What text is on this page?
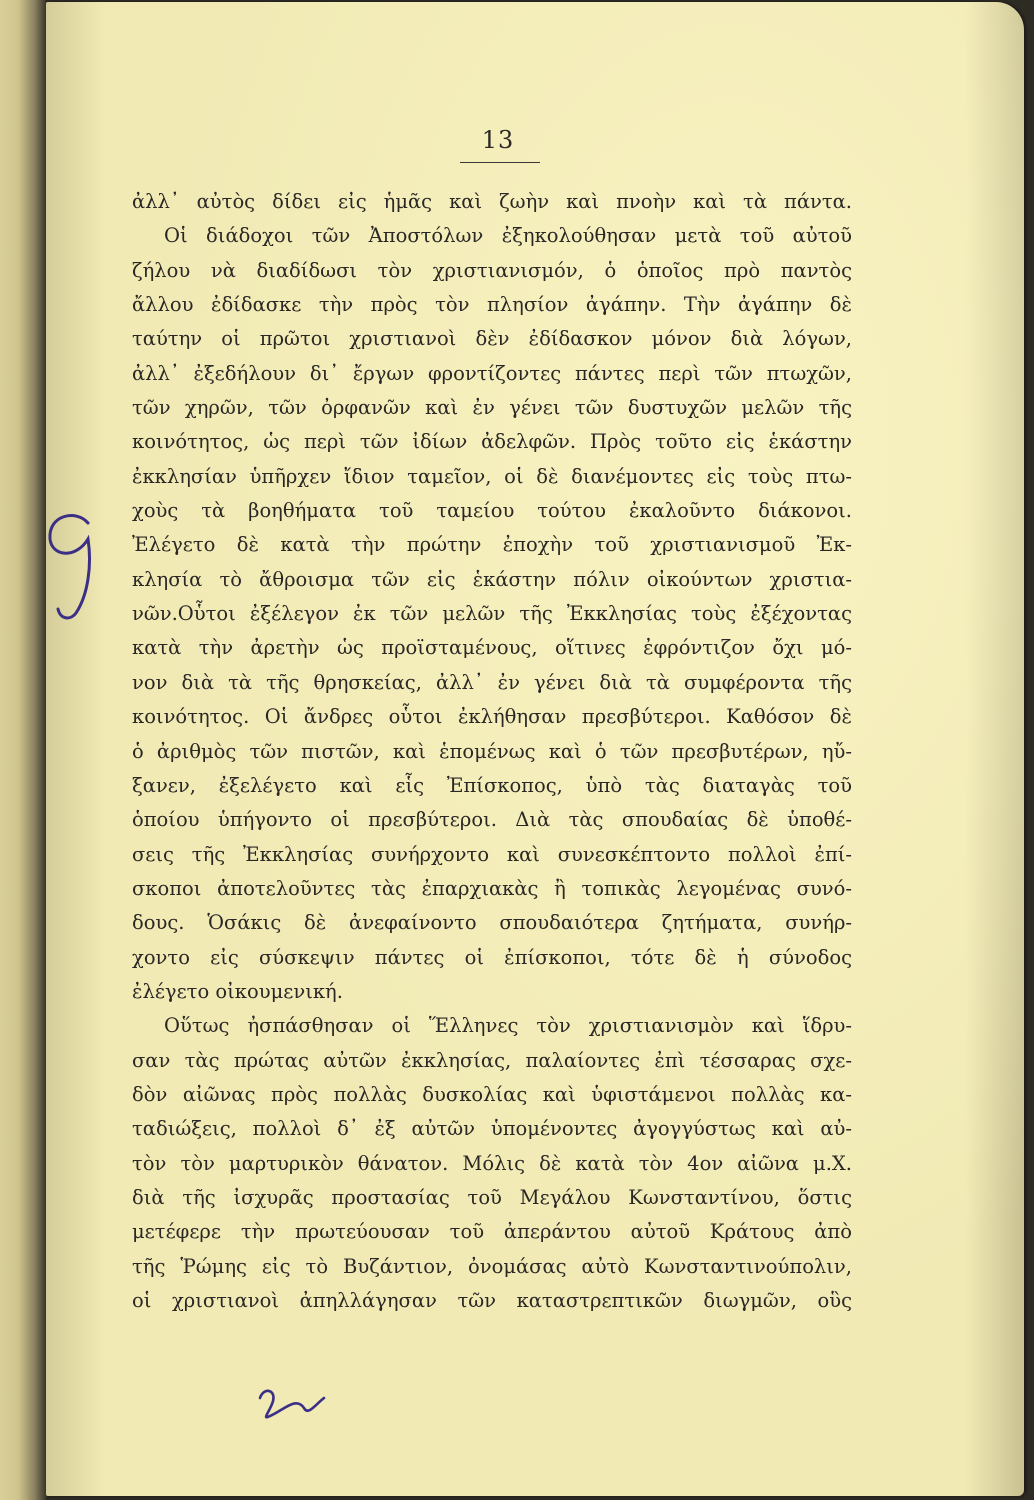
13
ἀλλ᾽ αὐτὸς δίδει εἰς ἡμᾶς καὶ ζωὴν καὶ πνοὴν καὶ τὰ πάντα.
Οἱ διάδοχοι τῶν Ἀποστόλων ἐξηκολούθησαν μετὰ τοῦ αὐτοῦ
ζήλου νὰ διαδίδωσι τὸν χριστιανισμόν, ὁ ὁποῖος πρὸ παντὸς
ἄλλου ἐδίδασκε τὴν πρὸς τὸν πλησίον ἀγάπην. Τὴν ἀγάπην δὲ
ταύτην οἱ πρῶτοι χριστιανοὶ δὲν ἐδίδασκον μόνον διὰ λόγων,
ἀλλ᾽ ἐξεδήλουν δι᾽ ἔργων φροντίζοντες πάντες περὶ τῶν πτωχῶν,
τῶν χηρῶν, τῶν ὀρφανῶν καὶ ἐν γένει τῶν δυστυχῶν μελῶν τῆς
κοινότητος, ὡς περὶ τῶν ἰδίων ἀδελφῶν. Πρὸς τοῦτο εἰς ἑκάστην
ἐκκλησίαν ὑπῆρχεν ἴδιον ταμεῖον, οἱ δὲ διανέμοντες εἰς τοὺς πτω-
χοὺς τὰ βοηθήματα τοῦ ταμείου τούτου ἐκαλοῦντο διάκονοι.
Ἐλέγετο δὲ κατὰ τὴν πρώτην ἐποχὴν τοῦ χριστιανισμοῦ Ἐκ-
κλησία τὸ ἄθροισμα τῶν εἰς ἑκάστην πόλιν οἰκούντων χριστια-
νῶν.Οὗτοι ἐξέλεγον ἐκ τῶν μελῶν τῆς Ἐκκλησίας τοὺς ἐξέχοντας
κατὰ τὴν ἀρετὴν ὡς προϊσταμένους, οἵτινες ἐφρόντιζον ὄχι μό-
νον διὰ τὰ τῆς θρησκείας, ἀλλ᾽ ἐν γένει διὰ τὰ συμφέροντα τῆς
κοινότητος. Οἱ ἄνδρες οὗτοι ἐκλήθησαν πρεσβύτεροι. Καθόσον δὲ
ὁ ἀριθμὸς τῶν πιστῶν, καὶ ἑπομένως καὶ ὁ τῶν πρεσβυτέρων, ηὔ-
ξανεν, ἐξελέγετο καὶ εἷς Ἐπίσκοπος, ὑπὸ τὰς διαταγὰς τοῦ
ὁποίου ὑπήγοντο οἱ πρεσβύτεροι. Διὰ τὰς σπουδαίας δὲ ὑποθέ-
σεις τῆς Ἐκκλησίας συνήρχοντο καὶ συνεσκέπτοντο πολλοὶ ἐπί-
σκοποι ἀποτελοῦντες τὰς ἐπαρχιακὰς ἢ τοπικὰς λεγομένας συνό-
δους. Ὁσάκις δὲ ἀνεφαίνοντο σπουδαιότερα ζητήματα, συνήρ-
χοντο εἰς σύσκεψιν πάντες οἱ ἐπίσκοποι, τότε δὲ ἡ σύνοδος
ἐλέγετο οἰκουμενική.
Οὕτως ἠσπάσθησαν οἱ Ἕλληνες τὸν χριστιανισμὸν καὶ ἵδρυ-
σαν τὰς πρώτας αὐτῶν ἐκκλησίας, παλαίοντες ἐπὶ τέσσαρας σχε-
δὸν αἰῶνας πρὸς πολλὰς δυσκολίας καὶ ὑφιστάμενοι πολλὰς κα-
ταδιώξεις, πολλοὶ δ᾽ ἐξ αὐτῶν ὑπομένοντες ἀγογγύστως καὶ αὐ-
τὸν τὸν μαρτυρικὸν θάνατον. Μόλις δὲ κατὰ τὸν 4ον αἰῶνα μ.Χ.
διὰ τῆς ἰσχυρᾶς προστασίας τοῦ Μεγάλου Κωνσταντίνου, ὅστις
μετέφερε τὴν πρωτεύουσαν τοῦ ἀπεράντου αὐτοῦ Κράτους ἀπὸ
τῆς Ῥώμης εἰς τὸ Βυζάντιον, ὀνομάσας αὐτὸ Κωνσταντινούπολιν,
οἱ χριστιανοὶ ἀπηλλάγησαν τῶν καταστρεπτικῶν διωγμῶν, οὓς
